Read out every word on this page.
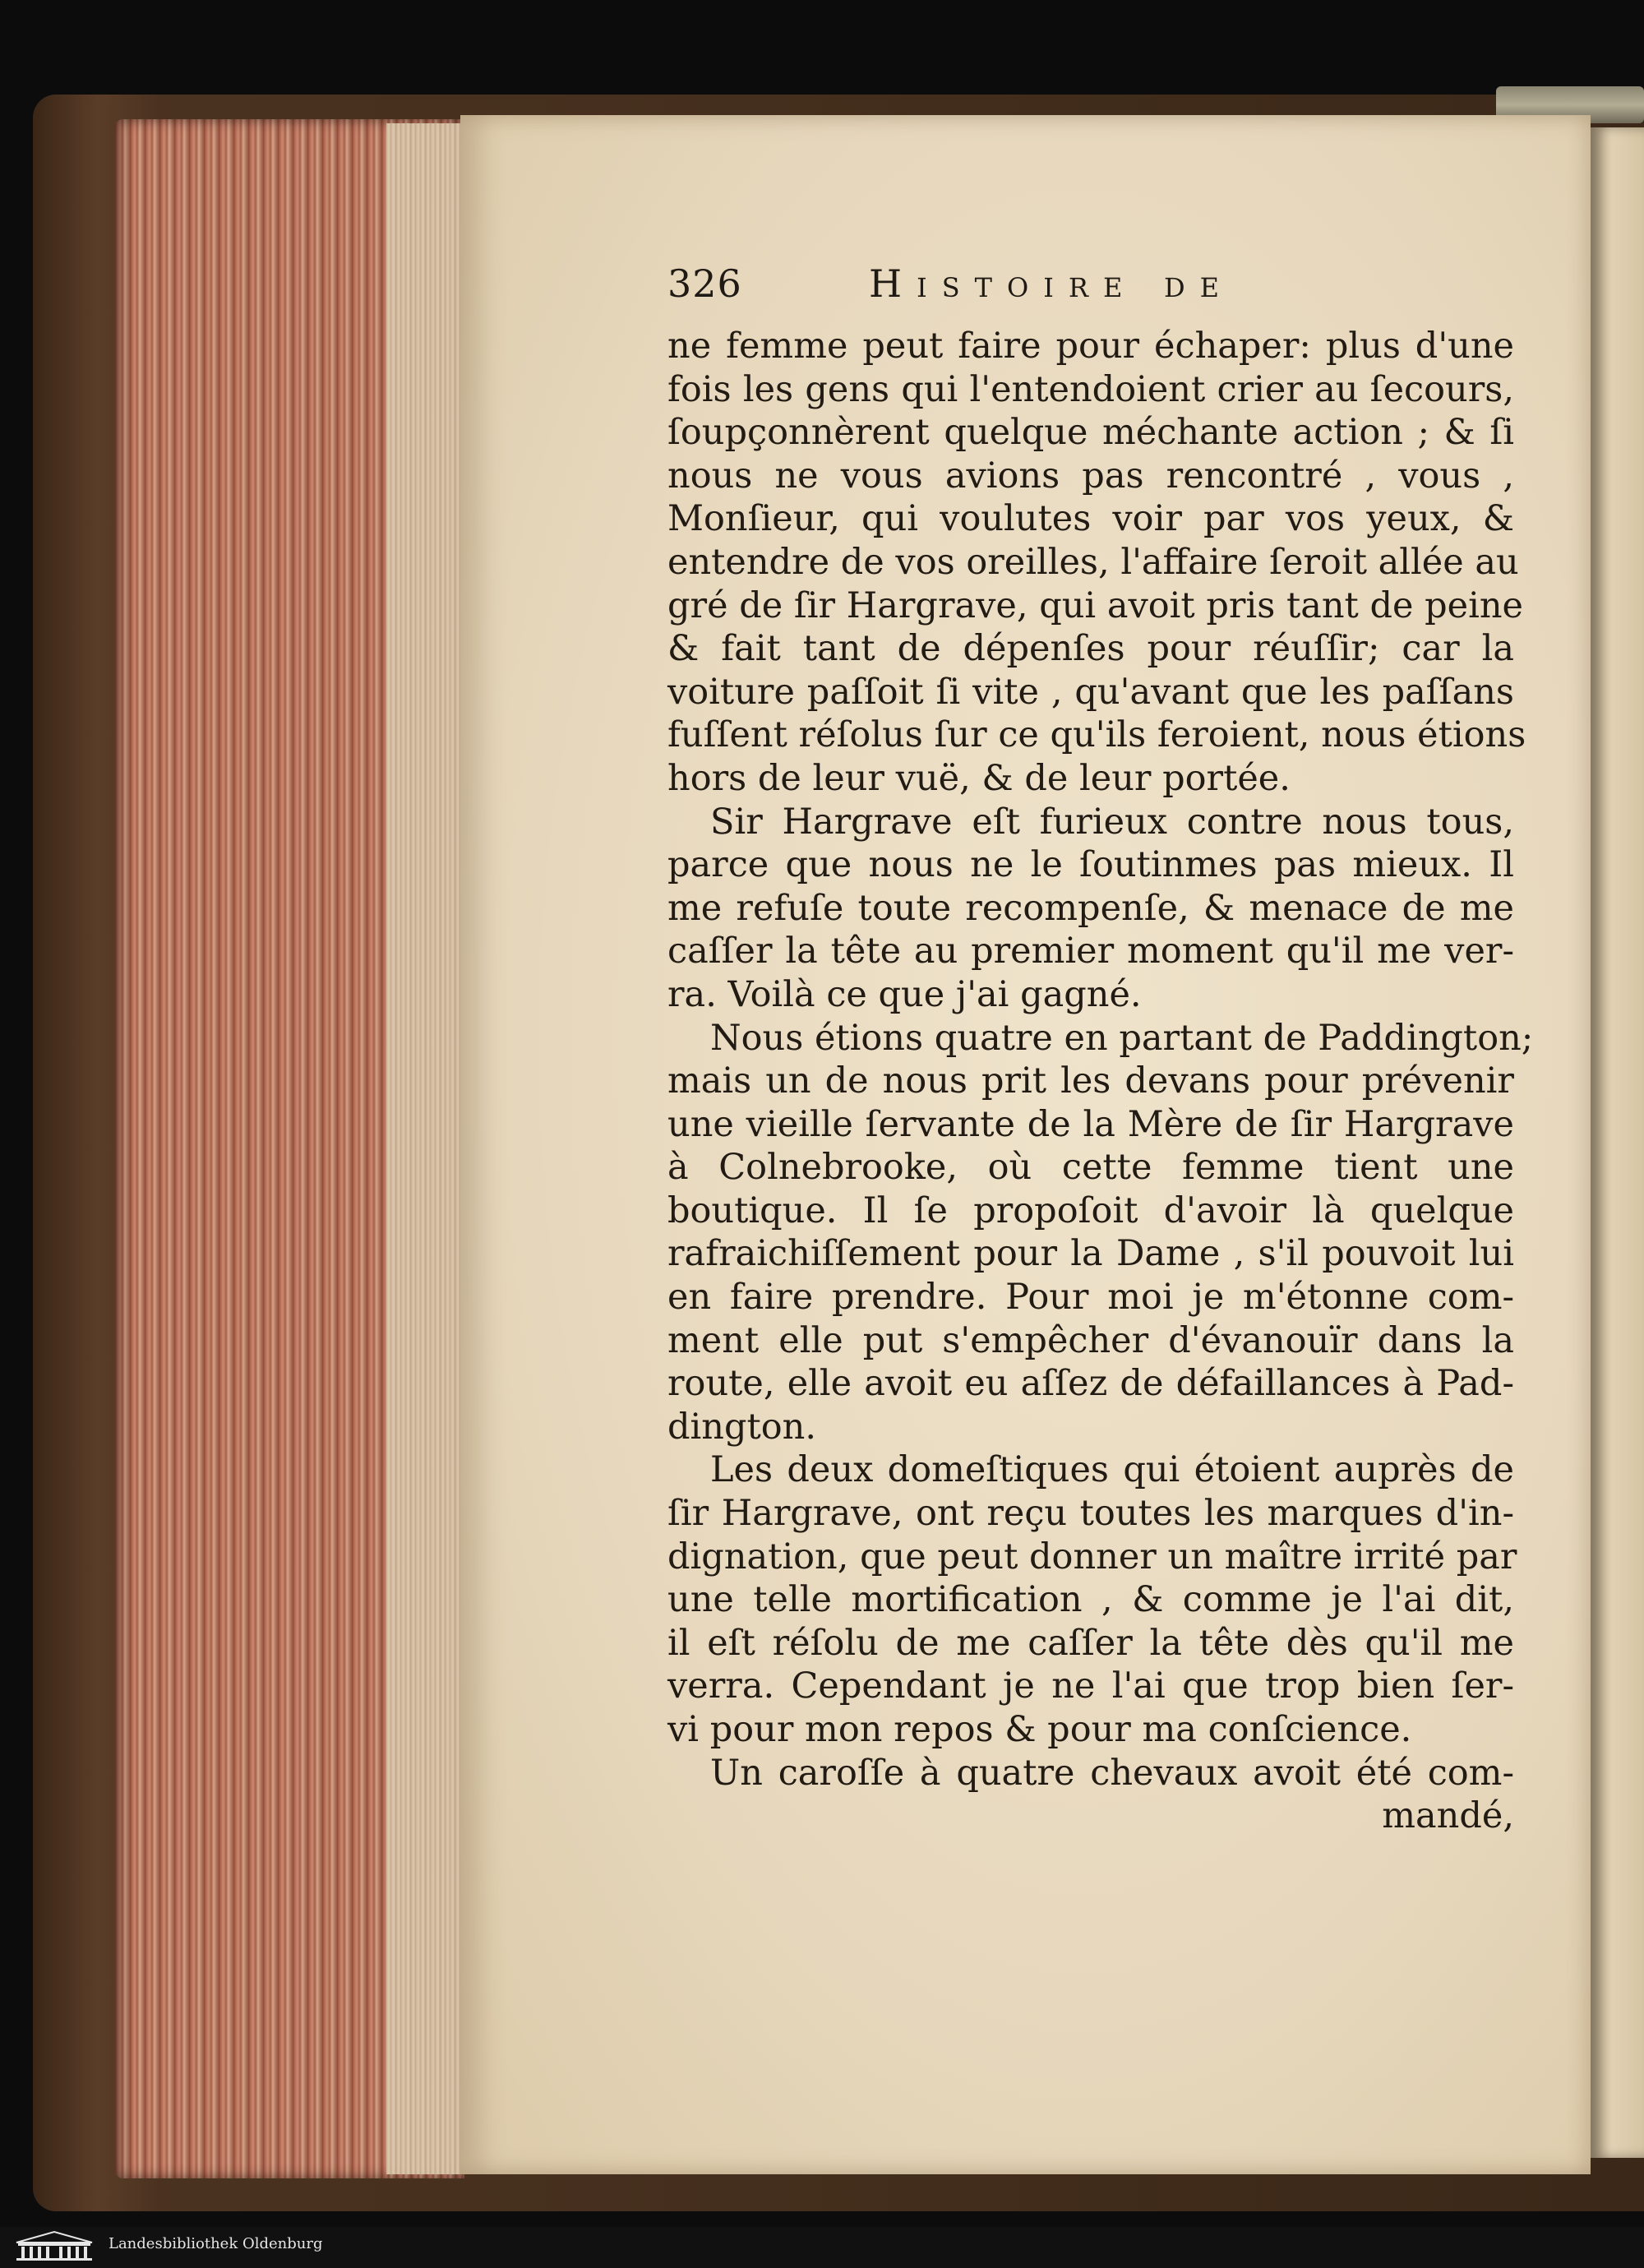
326	Histoire de
ne femme peut faire pour échaper: plus d'une
fois les gens qui l'entendoient crier au ſecours,
ſoupçonnèrent quelque méchante action ; & ſi
nous ne vous avions pas rencontré , vous ,
Monſieur, qui voulutes voir par vos yeux, &
entendre de vos oreilles, l'affaire ſeroit allée au
gré de ſir Hargrave, qui avoit pris tant de peine
& fait tant de dépenſes pour réuſſir; car la
voiture paſſoit ſi vite , qu'avant que les paſſans
fuſſent réſolus ſur ce qu'ils feroient, nous étions
hors de leur vuë, & de leur portée.
Sir Hargrave eſt furieux contre nous tous,
parce que nous ne le ſoutinmes pas mieux. Il
me refuſe toute recompenſe, & menace de me
caſſer la tête au premier moment qu'il me ver-
ra. Voilà ce que j'ai gagné.
Nous étions quatre en partant de Paddington;
mais un de nous prit les devans pour prévenir
une vieille ſervante de la Mère de ſir Hargrave
à Colnebrooke, où cette femme tient une
boutique. Il ſe propoſoit d'avoir là quelque
rafraichiſſement pour la Dame , s'il pouvoit lui
en faire prendre. Pour moi je m'étonne com-
ment elle put s'empêcher d'évanouïr dans la
route, elle avoit eu aſſez de défaillances à Pad-
dington.
Les deux domeſtiques qui étoient auprès de
ſir Hargrave, ont reçu toutes les marques d'in-
dignation, que peut donner un maître irrité par
une telle mortification , & comme je l'ai dit,
il eſt réſolu de me caſſer la tête dès qu'il me
verra. Cependant je ne l'ai que trop bien ſer-
vi pour mon repos & pour ma conſcience.
Un caroſſe à quatre chevaux avoit été com-
mandé,
Landesbibliothek Oldenburg
